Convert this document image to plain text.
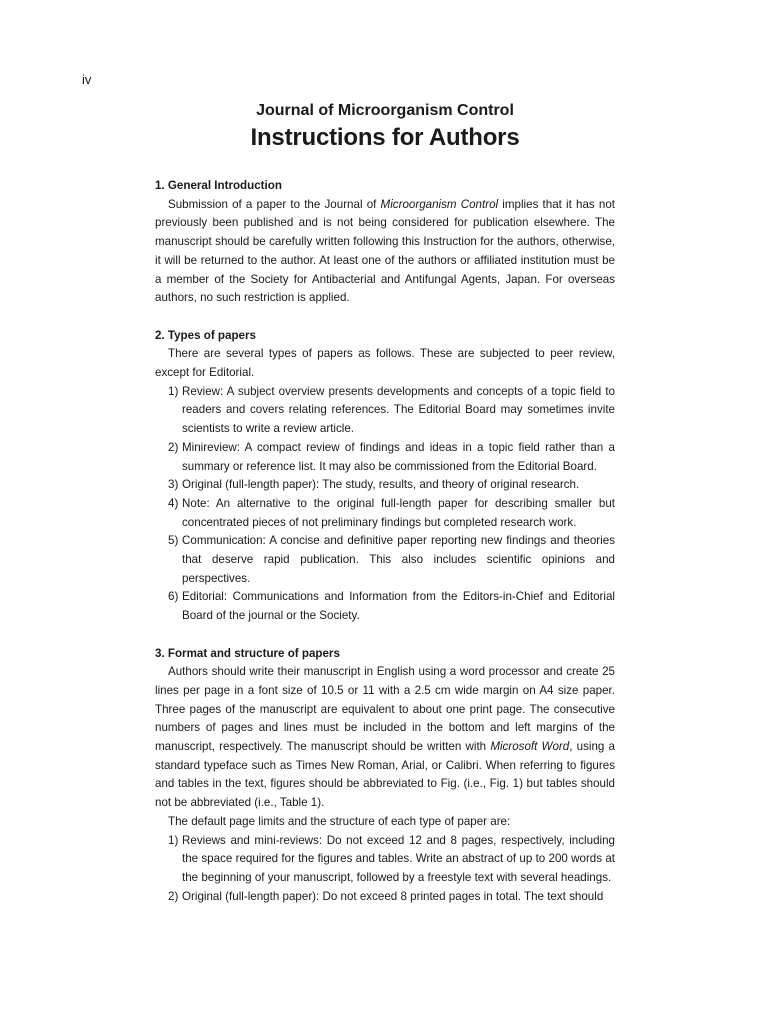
iv
Journal of Microorganism Control
Instructions for Authors

1. General Introduction

Submission of a paper to the Journal of Microorganism Control implies that it has not previously been published and is not being considered for publication elsewhere. The manuscript should be carefully written following this Instruction for the authors, otherwise, it will be returned to the author. At least one of the authors or affiliated institution must be a member of the Society for Antibacterial and Antifungal Agents, Japan. For overseas authors, no such restriction is applied.

2. Types of papers

There are several types of papers as follows. These are subjected to peer review, except for Editorial.

1) Review: A subject overview presents developments and concepts of a topic field to readers and covers relating references. The Editorial Board may sometimes invite scientists to write a review article.
2) Minireview: A compact review of findings and ideas in a topic field rather than a summary or reference list. It may also be commissioned from the Editorial Board.
3) Original (full-length paper): The study, results, and theory of original research.
4) Note: An alternative to the original full-length paper for describing smaller but concentrated pieces of not preliminary findings but completed research work.
5) Communication: A concise and definitive paper reporting new findings and theories that deserve rapid publication. This also includes scientific opinions and perspectives.
6) Editorial: Communications and Information from the Editors-in-Chief and Editorial Board of the journal or the Society.

3. Format and structure of papers

Authors should write their manuscript in English using a word processor and create 25 lines per page in a font size of 10.5 or 11 with a 2.5 cm wide margin on A4 size paper. Three pages of the manuscript are equivalent to about one print page. The consecutive numbers of pages and lines must be included in the bottom and left margins of the manuscript, respectively. The manuscript should be written with Microsoft Word, using a standard typeface such as Times New Roman, Arial, or Calibri. When referring to figures and tables in the text, figures should be abbreviated to Fig. (i.e., Fig. 1) but tables should not be abbreviated (i.e., Table 1).

The default page limits and the structure of each type of paper are:

1) Reviews and mini-reviews: Do not exceed 12 and 8 pages, respectively, including the space required for the figures and tables. Write an abstract of up to 200 words at the beginning of your manuscript, followed by a freestyle text with several headings.
2) Original (full-length paper): Do not exceed 8 printed pages in total. The text should
